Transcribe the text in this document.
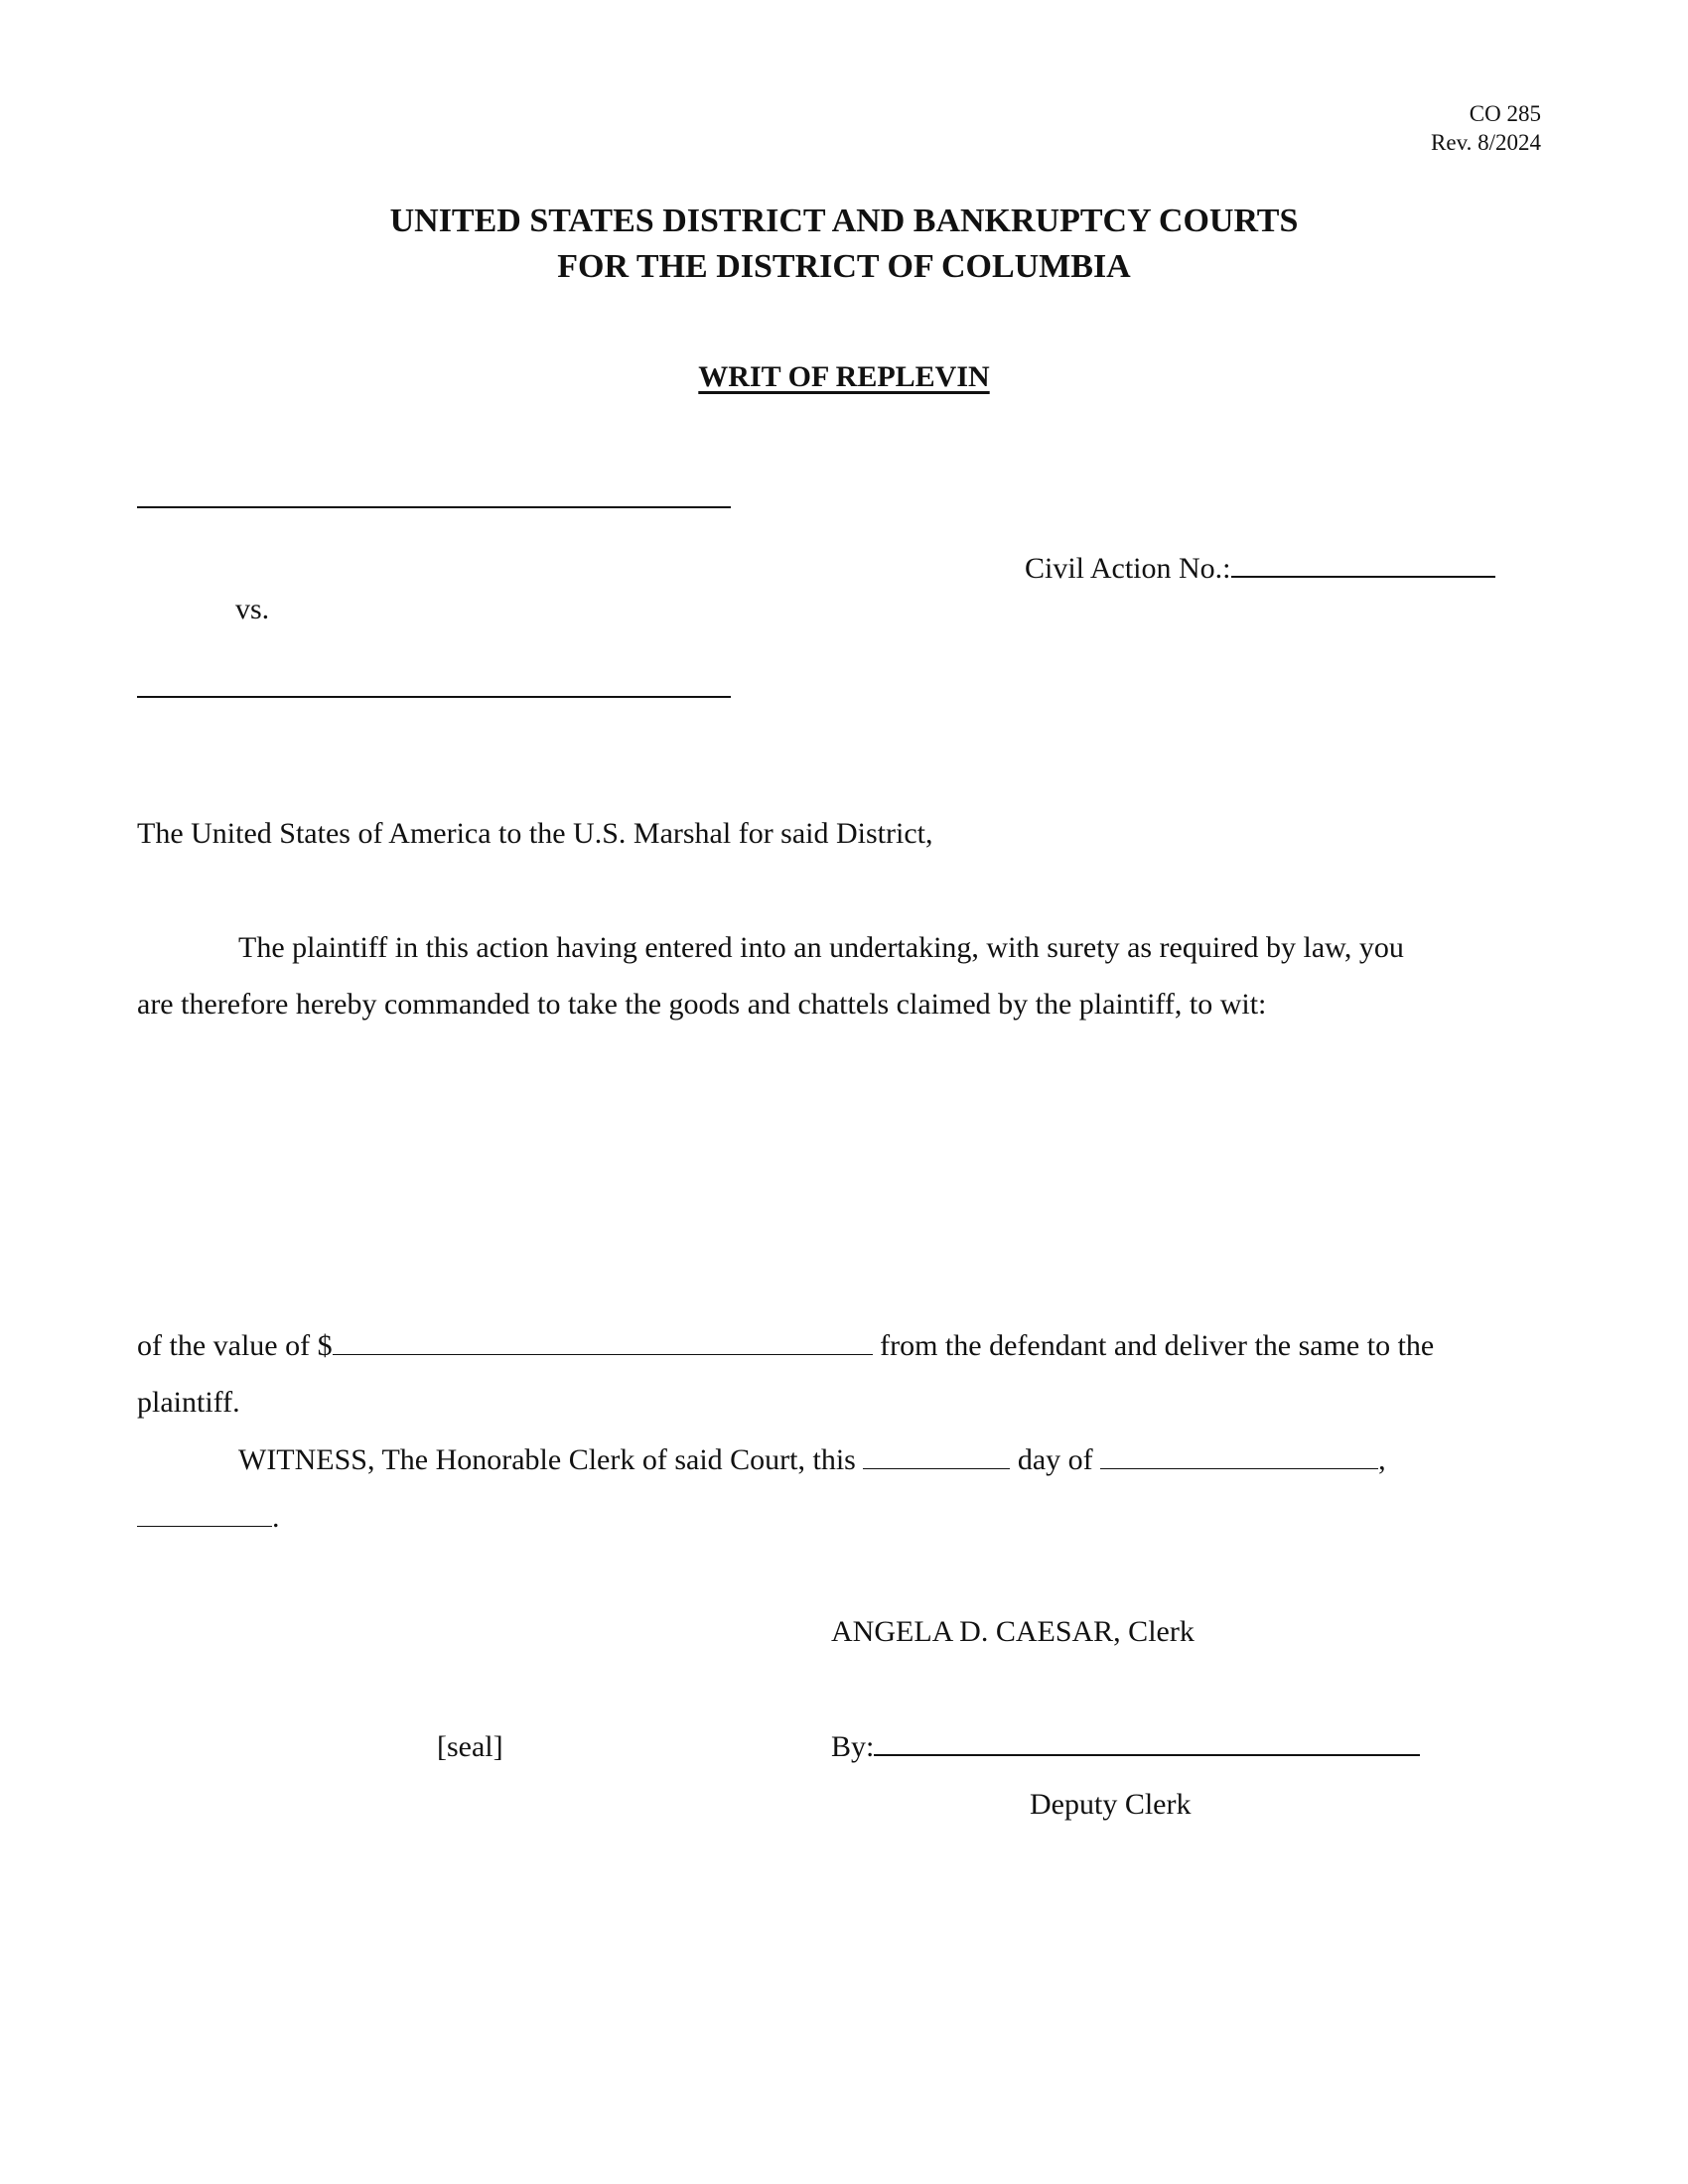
CO 285
Rev. 8/2024
UNITED STATES DISTRICT AND BANKRUPTCY COURTS
FOR THE DISTRICT OF COLUMBIA
WRIT OF REPLEVIN
Civil Action No.:
vs.
The United States of America to the U.S. Marshal for said District,
The plaintiff in this action having entered into an undertaking, with surety as required by law, you
are therefore hereby commanded to take the goods and chattels claimed by the plaintiff, to wit:
of the value of $	from the defendant and deliver the same to the
plaintiff.
WITNESS, The Honorable Clerk of said Court, this	day of	,
.
ANGELA D. CAESAR, Clerk
[seal]	By:
Deputy Clerk
